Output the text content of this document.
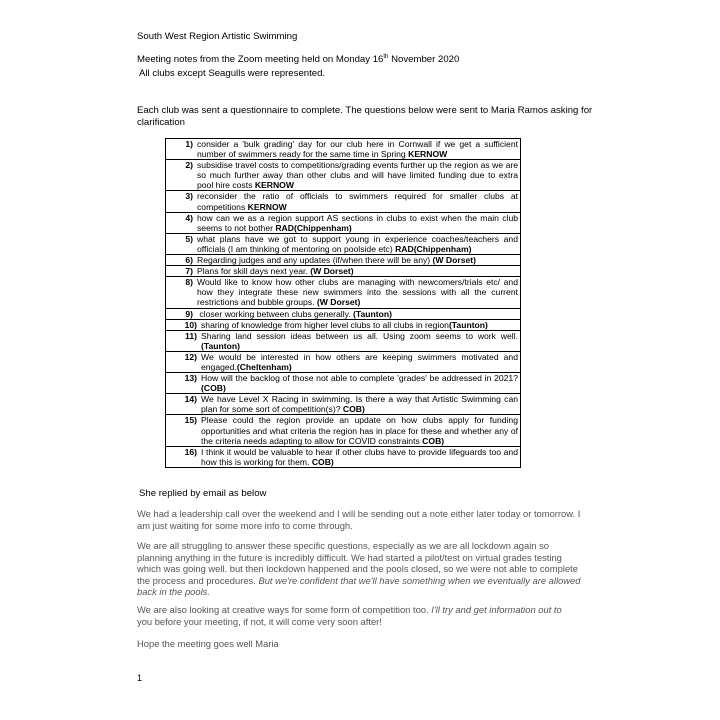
South West Region Artistic Swimming
Meeting notes from the Zoom meeting held on Monday 16th November 2020
All clubs except Seagulls were represented.
Each club was sent a questionnaire to complete. The questions below were sent to Maria Ramos asking for
clarification
1) consider a 'bulk grading' day for our club here in Cornwall if we get a sufficient number of swimmers ready for the same time in Spring KERNOW

2) subsidise travel costs to competitions/grading events further up the region as we are so much further away than other clubs and will have limited funding due to extra pool hire costs KERNOW

3) reconsider the ratio of officials to swimmers required for smaller clubs at competitions KERNOW

4) how can we as a region support AS sections in clubs to exist when the main club seems to not bother RAD(Chippenham)

5) what plans have we got to support young in experience coaches/teachers and officials (I am thinking of mentoring on poolside etc) RAD(Chippenham)

6) Regarding judges and any updates (if/when there will be any) (W Dorset)

7) Plans for skill days next year. (W Dorset)

8) Would like to know how other clubs are managing with newcomers/trials etc/ and how they integrate these new swimmers into the sessions with all the current restrictions and bubble groups. (W Dorset)

9) closer working between clubs generally. (Taunton)

10) sharing of knowledge from higher level clubs to all clubs in region(Taunton)

11) Sharing land session ideas between us all. Using zoom seems to work well. (Taunton)

12) We would be interested in how others are keeping swimmers motivated and engaged.(Cheltenham)

13) How will the backlog of those not able to complete 'grades' be addressed in 2021?(COB)

14) We have Level X Racing in swimming. Is there a way that Artistic Swimming can plan for some sort of competition(s)? COB)

15) Please could the region provide an update on how clubs apply for funding opportunities and what criteria the region has in place for these and whether any of the criteria needs adapting to allow for COVID constraints COB)

16) I think it would be valuable to hear if other clubs have to provide lifeguards too and how this is working for them. COB)
She replied by email as below
We had a leadership call over the weekend and I will be sending out a note either later today or tomorrow. I am just waiting for some more info to come through.
We are all struggling to answer these specific questions, especially as we are all lockdown again so planning anything in the future is incredibly difficult. We had started a pilot/test on virtual grades testing which was going well. but then lockdown happened and the pools closed, so we were not able to complete the process and procedures. But we're confident that we'll have something when we eventually are allowed back in the pools.
We are also looking at creative ways for some form of competition too. I'll try and get information out to
you before your meeting, if not, it will come very soon after!
Hope the meeting goes well Maria
1
